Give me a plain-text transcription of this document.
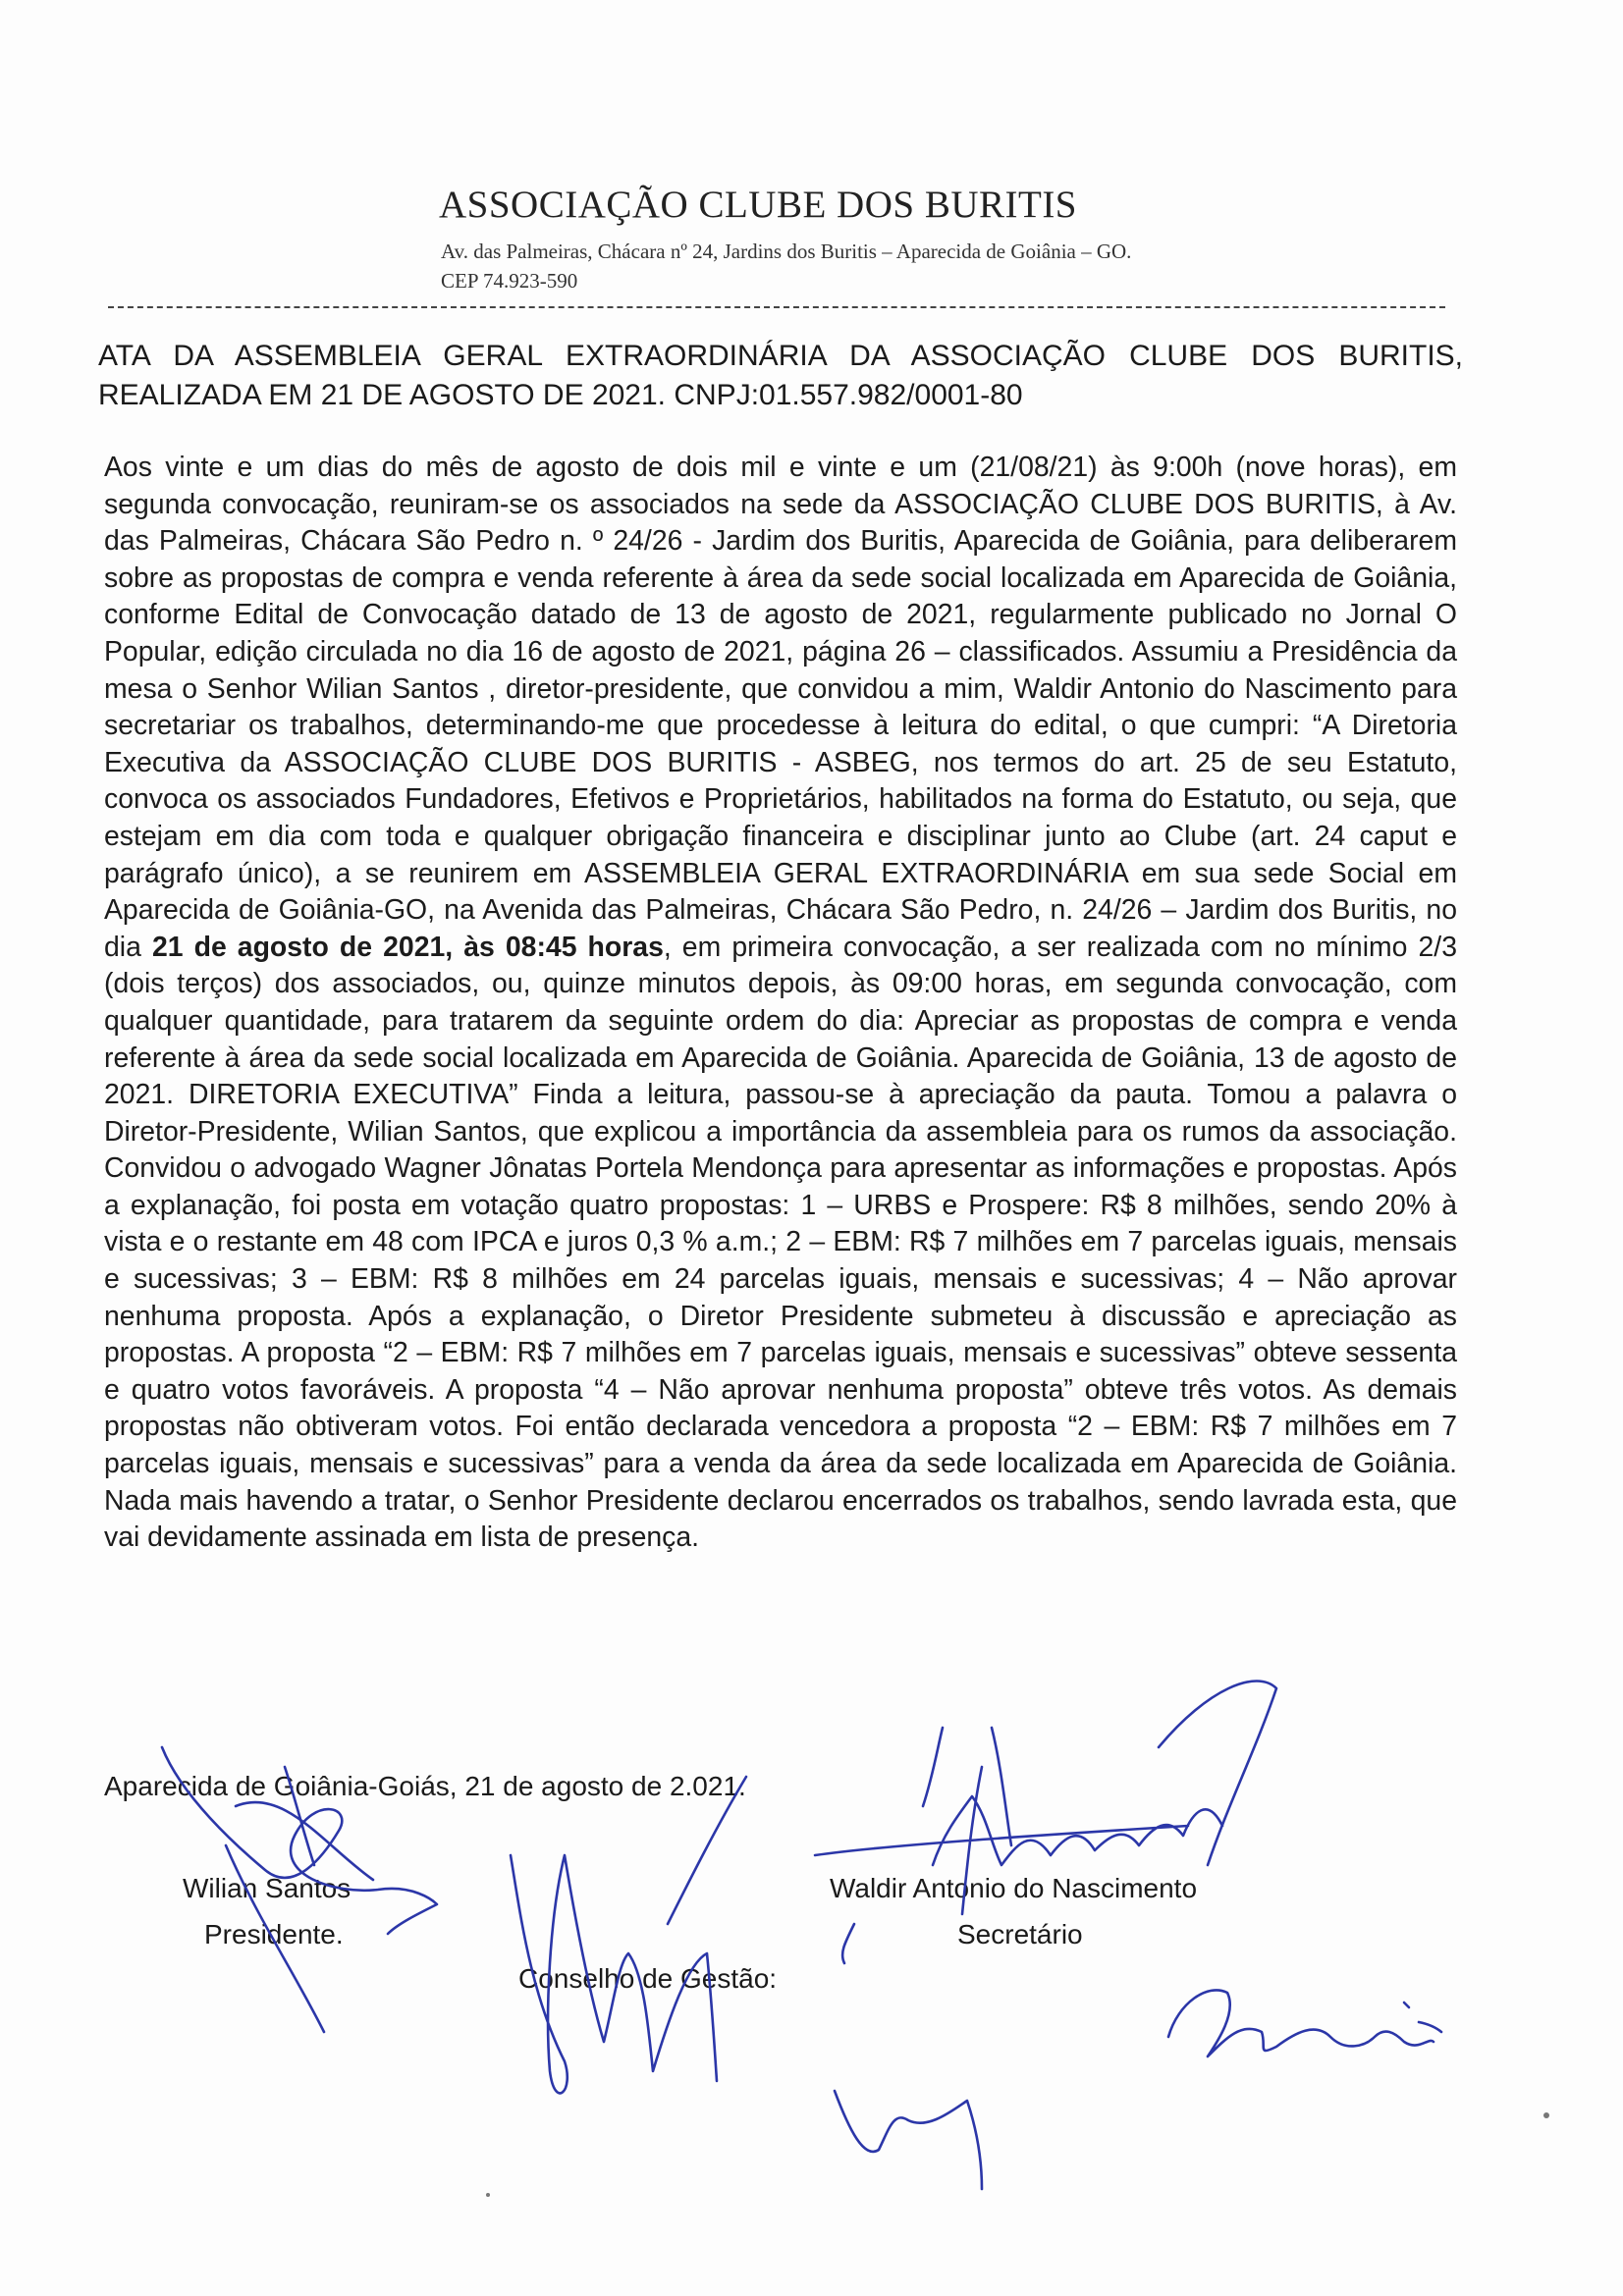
ASSOCIAÇÃO CLUBE DOS BURITIS
Av. das Palmeiras, Chácara nº 24, Jardins dos Buritis – Aparecida de Goiânia – GO.
CEP 74.923-590
ATA DA ASSEMBLEIA GERAL EXTRAORDINÁRIA DA ASSOCIAÇÃO CLUBE DOS BURITIS, REALIZADA EM 21 DE AGOSTO DE 2021. CNPJ:01.557.982/0001-80
Aos vinte e um dias do mês de agosto de dois mil e vinte e um (21/08/21) às 9:00h (nove horas), em segunda convocação, reuniram-se os associados na sede da ASSOCIAÇÃO CLUBE DOS BURITIS, à Av. das Palmeiras, Chácara São Pedro n. º 24/26 - Jardim dos Buritis, Aparecida de Goiânia, para deliberarem sobre as propostas de compra e venda referente à área da sede social localizada em Aparecida de Goiânia, conforme Edital de Convocação datado de 13 de agosto de 2021, regularmente publicado no Jornal O Popular, edição circulada no dia 16 de agosto de 2021, página 26 – classificados. Assumiu a Presidência da mesa o Senhor Wilian Santos , diretor-presidente, que convidou a mim, Waldir Antonio do Nascimento para secretariar os trabalhos, determinando-me que procedesse à leitura do edital, o que cumpri: “A Diretoria Executiva da ASSOCIAÇÃO CLUBE DOS BURITIS - ASBEG, nos termos do art. 25 de seu Estatuto, convoca os associados Fundadores, Efetivos e Proprietários, habilitados na forma do Estatuto, ou seja, que estejam em dia com toda e qualquer obrigação financeira e disciplinar junto ao Clube (art. 24 caput e parágrafo único), a se reunirem em ASSEMBLEIA GERAL EXTRAORDINÁRIA em sua sede Social em Aparecida de Goiânia-GO, na Avenida das Palmeiras, Chácara São Pedro, n. 24/26 – Jardim dos Buritis, no dia 21 de agosto de 2021, às 08:45 horas, em primeira convocação, a ser realizada com no mínimo 2/3 (dois terços) dos associados, ou, quinze minutos depois, às 09:00 horas, em segunda convocação, com qualquer quantidade, para tratarem da seguinte ordem do dia: Apreciar as propostas de compra e venda referente à área da sede social localizada em Aparecida de Goiânia. Aparecida de Goiânia, 13 de agosto de 2021. DIRETORIA EXECUTIVA” Finda a leitura, passou-se à apreciação da pauta. Tomou a palavra o Diretor-Presidente, Wilian Santos, que explicou a importância da assembleia para os rumos da associação. Convidou o advogado Wagner Jônatas Portela Mendonça para apresentar as informações e propostas. Após a explanação, foi posta em votação quatro propostas: 1 – URBS e Prospere: R$ 8 milhões, sendo 20% à vista e o restante em 48 com IPCA e juros 0,3 % a.m.; 2 – EBM: R$ 7 milhões em 7 parcelas iguais, mensais e sucessivas; 3 – EBM: R$ 8 milhões em 24 parcelas iguais, mensais e sucessivas; 4 – Não aprovar nenhuma proposta. Após a explanação, o Diretor Presidente submeteu à discussão e apreciação as propostas. A proposta “2 – EBM: R$ 7 milhões em 7 parcelas iguais, mensais e sucessivas” obteve sessenta e quatro votos favoráveis. A proposta “4 – Não aprovar nenhuma proposta” obteve três votos. As demais propostas não obtiveram votos. Foi então declarada vencedora a proposta “2 – EBM: R$ 7 milhões em 7 parcelas iguais, mensais e sucessivas” para a venda da área da sede localizada em Aparecida de Goiânia. Nada mais havendo a tratar, o Senhor Presidente declarou encerrados os trabalhos, sendo lavrada esta, que vai devidamente assinada em lista de presença.
Aparecida de Goiânia-Goiás, 21 de agosto de 2.021.
Wilian Santos
Presidente.
Waldir Antonio do Nascimento
Secretário
Conselho de Gestão:
